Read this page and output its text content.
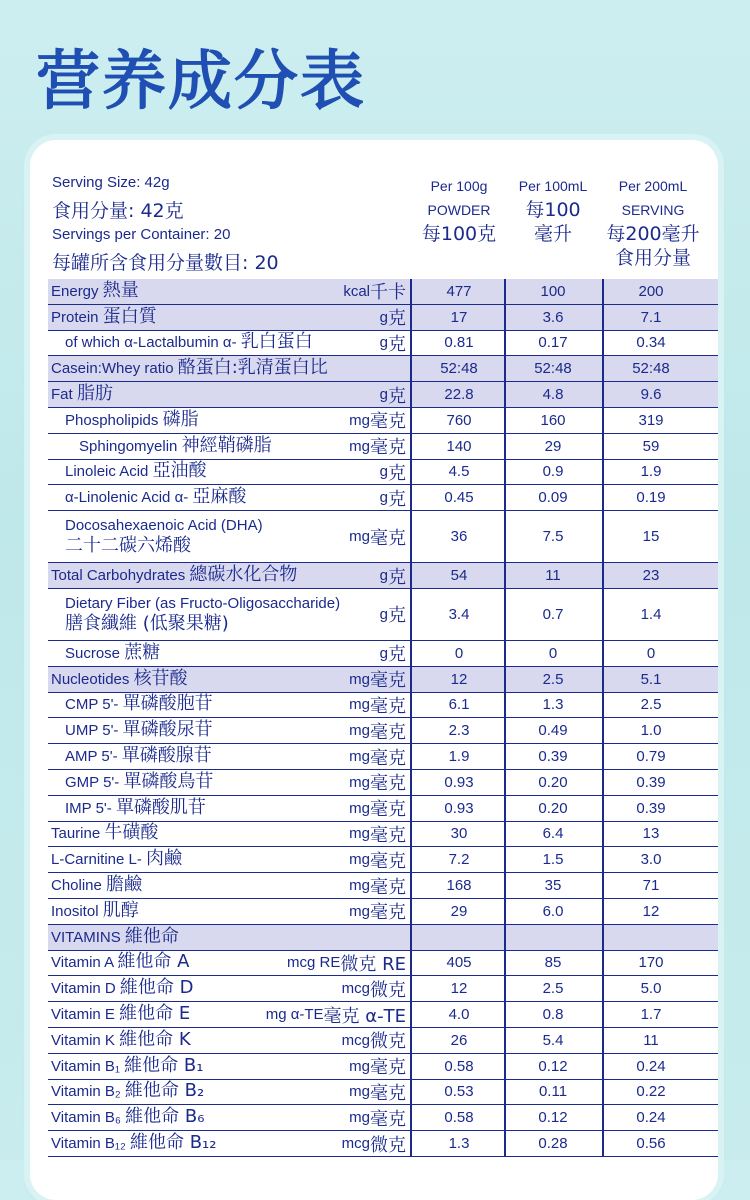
营养成分表
Serving Size: 42g
食用分量: 42克
Servings per Container: 20
每罐所含食用分量數目: 20
Per 100g
POWDER
每100克
Per 100mL
每100
毫升
Per 200mL
SERVING
每200毫升
食用分量
Energy 熱量	kcal 千卡	477	100	200
Protein 蛋白質	g 克	17	3.6	7.1
of which α-Lactalbumin α- 乳白蛋白	g 克	0.81	0.17	0.34
Casein:Whey ratio 酪蛋白:乳清蛋白比	52:48	52:48	52:48
Fat 脂肪	g 克	22.8	4.8	9.6
Phospholipids 磷脂	mg 毫克	760	160	319
Sphingomyelin 神經鞘磷脂	mg 毫克	140	29	59
Linoleic Acid 亞油酸	g 克	4.5	0.9	1.9
α-Linolenic Acid α- 亞麻酸	g 克	0.45	0.09	0.19
Docosahexaenoic Acid (DHA)
二十二碳六烯酸	mg 毫克	36	7.5	15
Total Carbohydrates 總碳水化合物	g 克	54	11	23
Dietary Fiber (as Fructo-Oligosaccharide)
膳食纖維 (低聚果糖)	g 克	3.4	0.7	1.4
Sucrose 蔗糖	g 克	0	0	0
Nucleotides 核苷酸	mg 毫克	12	2.5	5.1
CMP 5'- 單磷酸胞苷	mg 毫克	6.1	1.3	2.5
UMP 5'- 單磷酸尿苷	mg 毫克	2.3	0.49	1.0
AMP 5'- 單磷酸腺苷	mg 毫克	1.9	0.39	0.79
GMP 5'- 單磷酸鳥苷	mg 毫克	0.93	0.20	0.39
IMP 5'- 單磷酸肌苷	mg 毫克	0.93	0.20	0.39
Taurine 牛磺酸	mg 毫克	30	6.4	13
L-Carnitine L- 肉鹼	mg 毫克	7.2	1.5	3.0
Choline 膽鹼	mg 毫克	168	35	71
Inositol 肌醇	mg 毫克	29	6.0	12
VITAMINS 維他命
Vitamin A 維他命 A	mcg RE 微克 RE	405	85	170
Vitamin D 維他命 D	mcg 微克	12	2.5	5.0
Vitamin E 維他命 E	mg α-TE 毫克 α-TE	4.0	0.8	1.7
Vitamin K 維他命 K	mcg 微克	26	5.4	11
Vitamin B₁ 維他命 B₁	mg 毫克	0.58	0.12	0.24
Vitamin B₂ 維他命 B₂	mg 毫克	0.53	0.11	0.22
Vitamin B₆ 維他命 B₆	mg 毫克	0.58	0.12	0.24
Vitamin B₁₂ 維他命 B₁₂	mcg 微克	1.3	0.28	0.56
